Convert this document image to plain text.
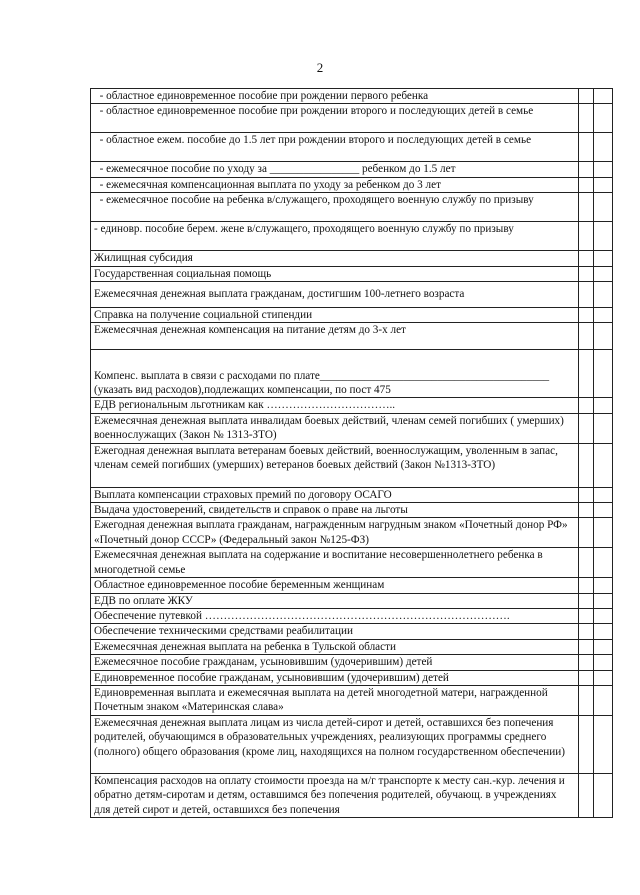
2
- областное единовременное пособие при рождении первого ребенка		
- областное единовременное пособие при рождении второго и последующих детей в семье		
- областное ежем. пособие до 1.5 лет при рождении второго и последующих детей в семье		
- ежемесячное пособие по уходу за ________________ ребенком до 1.5 лет		
- ежемесячная компенсационная выплата по уходу за ребенком до 3 лет		
- ежемесячное пособие на ребенка в/служащего, проходящего военную службу по призыву		
- единовр. пособие берем. жене в/служащего, проходящего военную службу по призыву		
Жилищная субсидия		
Государственная социальная помощь		
Ежемесячная денежная выплата гражданам, достигшим 100-летнего возраста		
Справка на получение социальной стипендии		
Ежемесячная денежная компенсация на питание детям до 3-х лет		
Компенс. выплата в связи с расходами по плате_________________________________________ (указать вид расходов),подлежащих компенсации, по пост 475		
ЕДВ региональным льготникам как ……………………………..		
Ежемесячная денежная выплата инвалидам боевых действий, членам семей погибших ( умерших) военнослужащих (Закон № 1313-ЗТО)		
Ежегодная денежная выплата ветеранам боевых действий, военнослужащим, уволенным в запас, членам семей погибших (умерших) ветеранов боевых действий (Закон №1313-ЗТО)		
Выплата компенсации страховых премий по договору ОСАГО		
Выдача удостоверений, свидетельств и справок о праве на льготы		
Ежегодная денежная выплата гражданам, награжденным нагрудным знаком «Почетный донор РФ» «Почетный донор СССР» (Федеральный закон №125-ФЗ)		
Ежемесячная денежная выплата на содержание и воспитание несовершеннолетнего ребенка в многодетной семье		
Областное единовременное пособие беременным женщинам		
ЕДВ по оплате ЖКУ		
Обеспечение путевкой ……………………………………………………………………….		
Обеспечение техническими средствами реабилитации		
Ежемесячная денежная выплата на ребенка в Тульской области		
Ежемесячное пособие гражданам, усыновившим (удочерившим) детей		
Единовременное пособие гражданам, усыновившим (удочерившим) детей		
Единовременная выплата и ежемесячная выплата на детей многодетной матери, награжденной Почетным знаком «Материнская слава»		
Ежемесячная денежная выплата лицам из числа детей-сирот и детей, оставшихся без попечения родителей, обучающимся в образовательных учреждениях, реализующих программы среднего (полного) общего образования (кроме лиц, находящихся на полном государственном обеспечении)		
Компенсация расходов на оплату стоимости проезда на м/г транспорте к месту сан.-кур. лечения и обратно детям-сиротам и детям, оставшимся без попечения родителей, обучающ. в учреждениях для детей сирот и детей, оставшихся без попечения		
